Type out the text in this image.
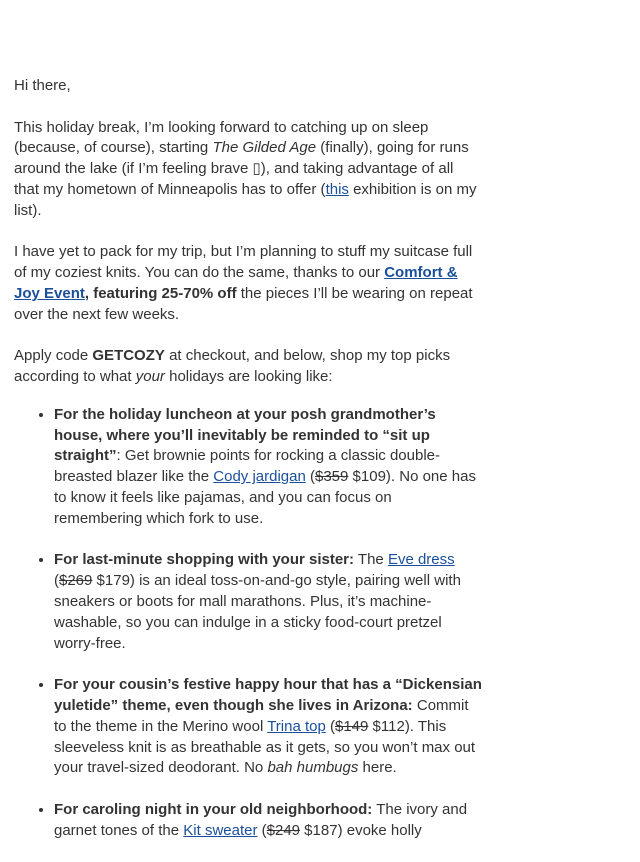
Hi there,

This holiday break, I’m looking forward to catching up on sleep (because, of course), starting The Gilded Age (finally), going for runs around the lake (if I’m feeling brave ▯), and taking advantage of all that my hometown of Minneapolis has to offer (this exhibition is on my list).

I have yet to pack for my trip, but I’m planning to stuff my suitcase full of my coziest knits. You can do the same, thanks to our Comfort & Joy Event, featuring 25-70% off the pieces I’ll be wearing on repeat over the next few weeks.

Apply code GETCOZY at checkout, and below, shop my top picks according to what your holidays are looking like:

• For the holiday luncheon at your posh grandmother’s house, where you’ll inevitably be reminded to “sit up straight”: Get brownie points for rocking a classic double-breasted blazer like the Cody jardigan ($359 $109). No one has to know it feels like pajamas, and you can focus on remembering which fork to use.
• For last-minute shopping with your sister: The Eve dress ($269 $179) is an ideal toss-on-and-go style, pairing well with sneakers or boots for mall marathons. Plus, it’s machine-washable, so you can indulge in a sticky food-court pretzel worry-free.
• For your cousin’s festive happy hour that has a “Dickensian yuletide” theme, even though she lives in Arizona: Commit to the theme in the Merino wool Trina top ($149 $112). This sleeveless knit is as breathable as it gets, so you won’t max out your travel-sized deodorant. No bah humbugs here.
• For caroling night in your old neighborhood: The ivory and garnet tones of the Kit sweater ($249 $187) evoke holly
